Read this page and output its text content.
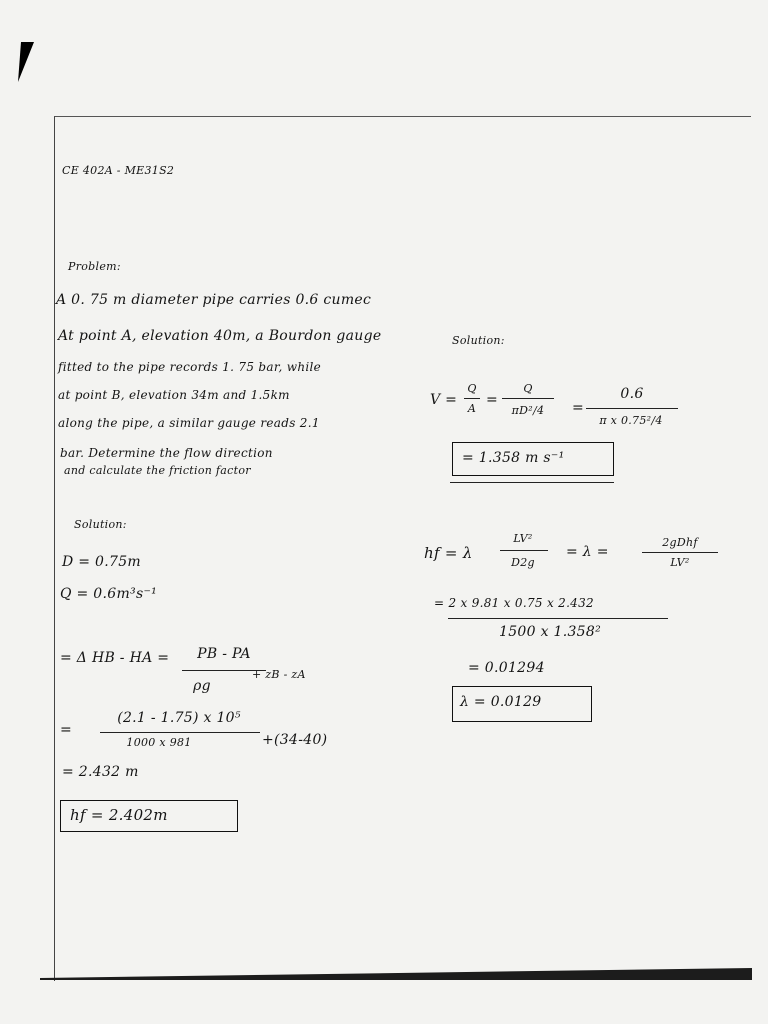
CE 402A - ME31S2
Problem:
A 0. 75 m diameter pipe carries 0.6 cumec
At point A, elevation 40m, a Bourdon gauge
fitted to the pipe records 1. 75 bar, while
at point B, elevation 34m and 1.5km
along the pipe, a similar gauge reads 2.1
bar. Determine the flow direction
and calculate the friction factor
Solution:
D = 0.75m
Q = 0.6m³s⁻¹
= Δ HB - HA =	PB - PA
ρg
+ zB - zA
=
(2.1 - 1.75) x 10⁵
1000 x 981	+(34-40)
= 2.432 m
hf = 2.402m
Solution:
V =
Q
A
=
Q
πD²/4	=
0.6
π x 0.75²/4
= 1.358 m s⁻¹
hf = λ
LV²
D2g
= λ =
2gDhf
LV²
= 2 x 9.81 x 0.75 x 2.432
1500 x 1.358²
= 0.01294
λ = 0.0129
